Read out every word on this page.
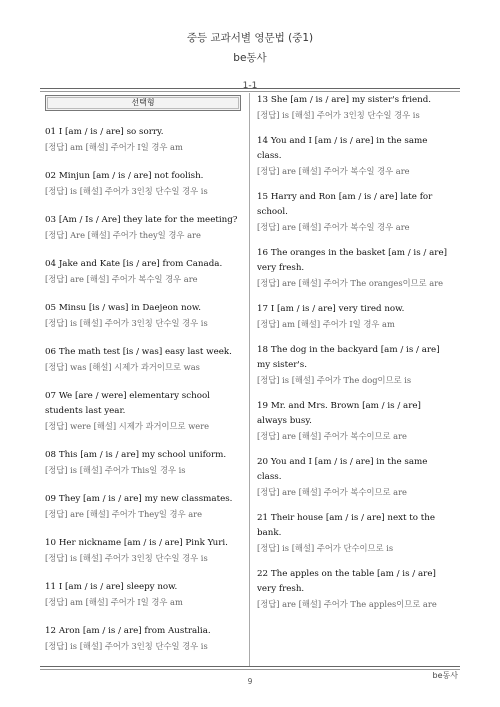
중등 교과서별 영문법 (중1)
be동사
1-1
선택형
01 I [am / is / are] so sorry.
[정답] am [해설] 주어가 I일 경우 am
02 Minjun [am / is / are] not foolish.
[정답] is [해설] 주어가 3인칭 단수일 경우 is
03 [Am / Is / Are] they late for the meeting?
[정답] Are [해설] 주어가 they일 경우 are
04 Jake and Kate [is / are] from Canada.
[정답] are [해설] 주어가 복수일 경우 are
05 Minsu [is / was] in Daejeon now.
[정답] is [해설] 주어가 3인칭 단수일 경우 is
06 The math test [is / was] easy last week.
[정답] was [해설] 시제가 과거이므로 was
07 We [are / were] elementary school students last year.
[정답] were [해설] 시제가 과거이므로 were
08 This [am / is / are] my school uniform.
[정답] is [해설] 주어가 This일 경우 is
09 They [am / is / are] my new classmates.
[정답] are [해설] 주어가 They일 경우 are
10 Her nickname [am / is / are] Pink Yuri.
[정답] is [해설] 주어가 3인칭 단수일 경우 is
11 I [am / is / are] sleepy now.
[정답] am [해설] 주어가 I일 경우 am
12 Aron [am / is / are] from Australia.
[정답] is [해설] 주어가 3인칭 단수일 경우 is
13 She [am / is / are] my sister's friend.
[정답] is [해설] 주어가 3인칭 단수일 경우 is
14 You and I [am / is / are] in the same class.
[정답] are [해설] 주어가 복수일 경우 are
15 Harry and Ron [am / is / are] late for school.
[정답] are [해설] 주어가 복수일 경우 are
16 The oranges in the basket [am / is / are] very fresh.
[정답] are [해설] 주어가 The oranges이므로 are
17 I [am / is / are] very tired now.
[정답] am [해설] 주어가 I일 경우 am
18 The dog in the backyard [am / is / are] my sister's.
[정답] is [해설] 주어가 The dog이므로 is
19 Mr. and Mrs. Brown [am / is / are] always busy.
[정답] are [해설] 주어가 복수이므로 are
20 You and I [am / is / are] in the same class.
[정답] are [해설] 주어가 복수이므로 are
21 Their house [am / is / are] next to the bank.
[정답] is [해설] 주어가 단수이므로 is
22 The apples on the table [am / is / are] very fresh.
[정답] are [해설] 주어가 The apples이므로 are
be동사
9
